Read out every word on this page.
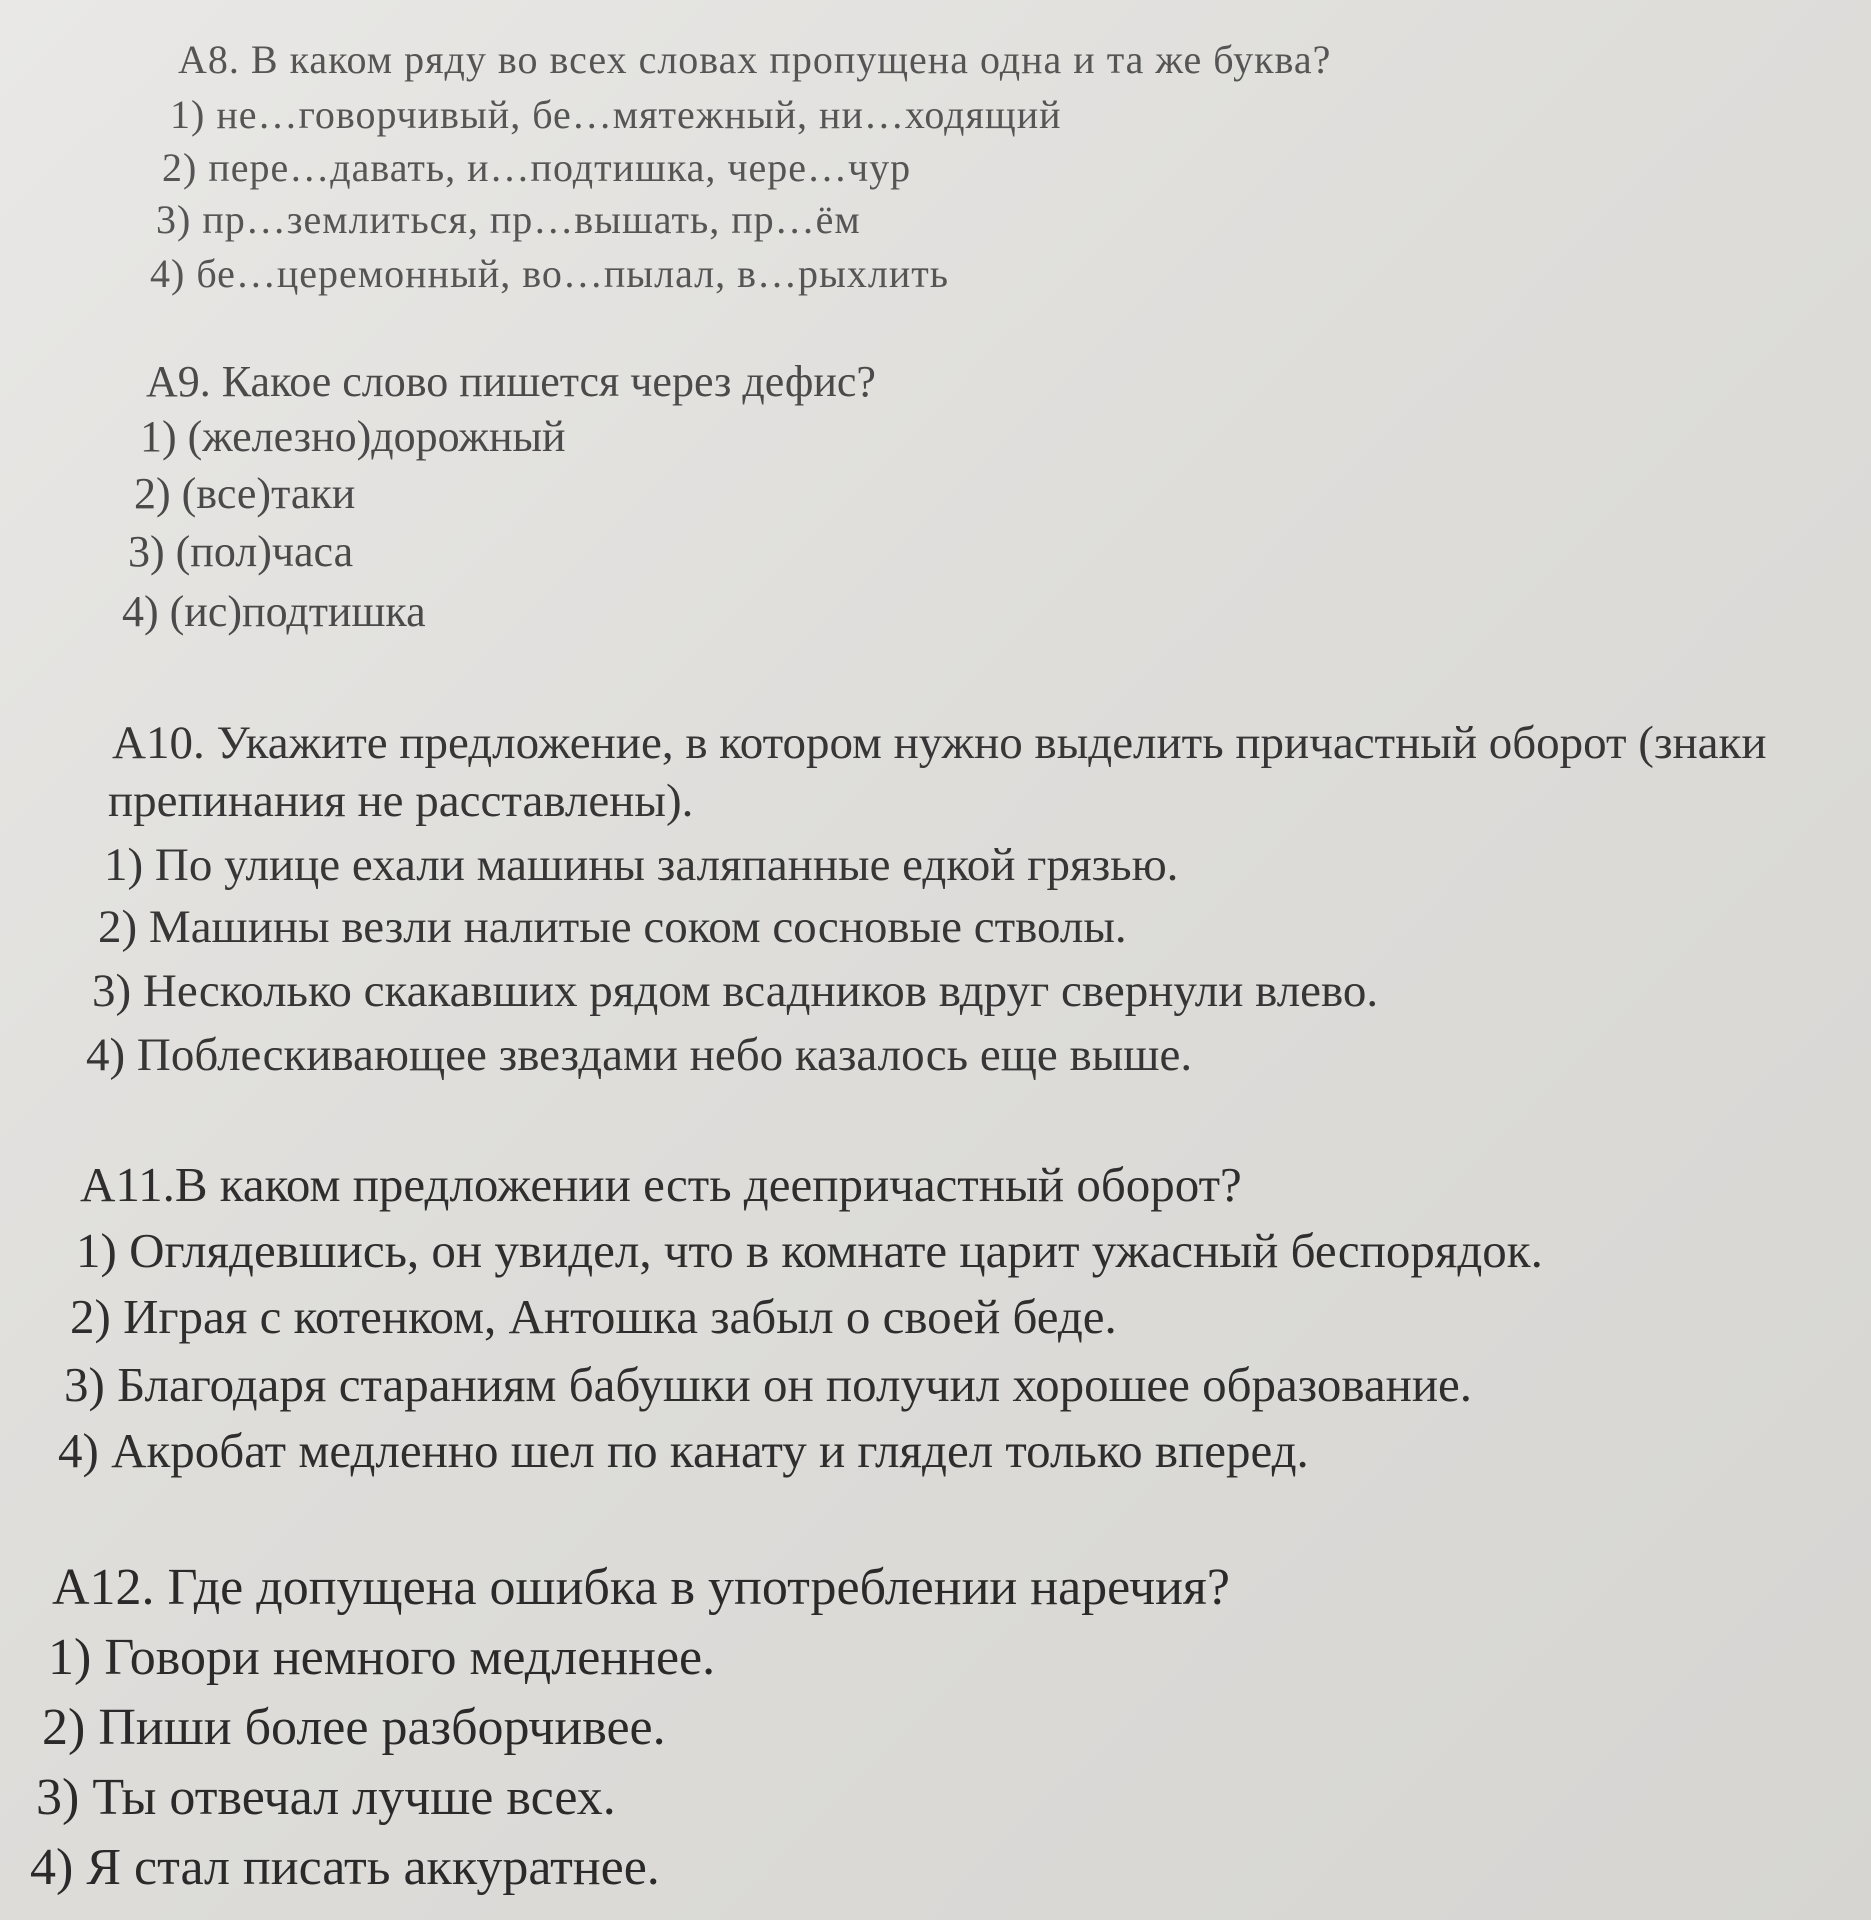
А8. В каком ряду во всех словах пропущена одна и та же буква?
1) не…говорчивый, бе…мятежный, ни…ходящий
2) пере…давать, и…подтишка, чере…чур
3) пр…землиться, пр…вышать, пр…ём
4) бе…церемонный, во…пылал, в…рыхлить
А9. Какое слово пишется через дефис?
1) (железно)дорожный
2) (все)таки
3) (пол)часа
4) (ис)подтишка
А10. Укажите предложение, в котором нужно выделить причастный оборот (знаки
препинания не расставлены).
1) По улице ехали машины заляпанные едкой грязью.
2) Машины везли налитые соком сосновые стволы.
3) Несколько скакавших рядом всадников вдруг свернули влево.
4) Поблескивающее звездами небо казалось еще выше.
А11.В каком предложении есть деепричастный оборот?
1) Оглядевшись, он увидел, что в комнате царит ужасный беспорядок.
2) Играя с котенком, Антошка забыл о своей беде.
3) Благодаря стараниям бабушки он получил хорошее образование.
4) Акробат медленно шел по канату и глядел только вперед.
А12. Где допущена ошибка в употреблении наречия?
1) Говори немного медленнее.
2) Пиши более разборчивее.
3) Ты отвечал лучше всех.
4) Я стал писать аккуратнее.
